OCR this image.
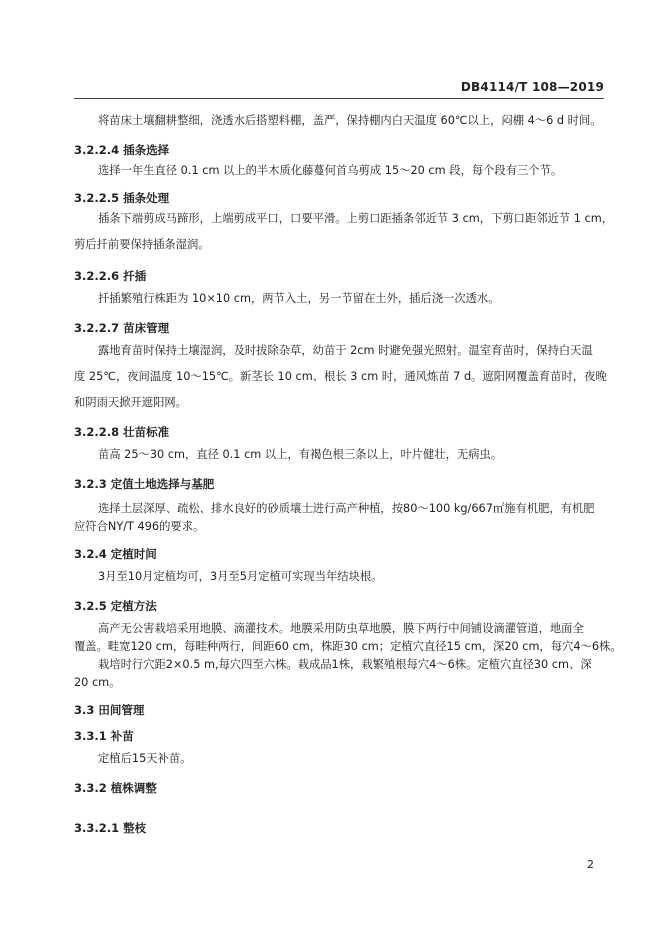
DB4114/T 108—2019
将苗床土壤翻耕整细，浇透水后搭塑料棚，盖严，保持棚内白天温度 60℃以上，闷棚 4～6 d 时间。
3.2.2.4 插条选择
选择一年生直径 0.1 cm 以上的半木质化藤蔓何首乌剪成 15～20 cm 段，每个段有三个节。
3.2.2.5 插条处理
插条下端剪成马蹄形，上端剪成平口，口要平滑。上剪口距插条邻近节 3 cm，下剪口距邻近节 1 cm，
剪后扦前要保持插条湿润。
3.2.2.6 扦插
扦插繁殖行株距为 10×10 cm，两节入土，另一节留在土外，插后浇一次透水。
3.2.2.7 苗床管理
露地育苗时保持土壤湿润，及时拔除杂草，幼苗于 2cm 时避免强光照射。温室育苗时，保持白天温
度 25℃，夜间温度 10～15℃。新茎长 10 cm、根长 3 cm 时，通风炼苗 7 d。遮阳网覆盖育苗时，夜晚
和阴雨天掀开遮阳网。
3.2.2.8 壮苗标准
苗高 25～30 cm，直径 0.1 cm 以上，有褐色根三条以上，叶片健壮，无病虫。
3.2.3 定值土地选择与基肥
选择土层深厚、疏松、排水良好的砂质壤土进行高产种植，按80～100 kg/667㎡施有机肥，有机肥
应符合NY/T 496的要求。
3.2.4 定植时间
3月至10月定植均可，3月至5月定植可实现当年结块根。
3.2.5 定植方法
高产无公害栽培采用地膜、滴灌技术。地膜采用防虫草地膜，膜下两行中间铺设滴灌管道，地面全
覆盖。畦宽120 cm，每畦种两行，间距60 cm，株距30 cm；定植穴直径15 cm，深20 cm，每穴4～6株。
栽培时行穴距2×0.5 m,每穴四至六株。栽成品1株，栽繁殖根每穴4～6株。定植穴直径30 cm、深
20 cm。
3.3 田间管理
3.3.1 补苗
定植后15天补苗。
3.3.2 植株调整
3.3.2.1 整枝
2
